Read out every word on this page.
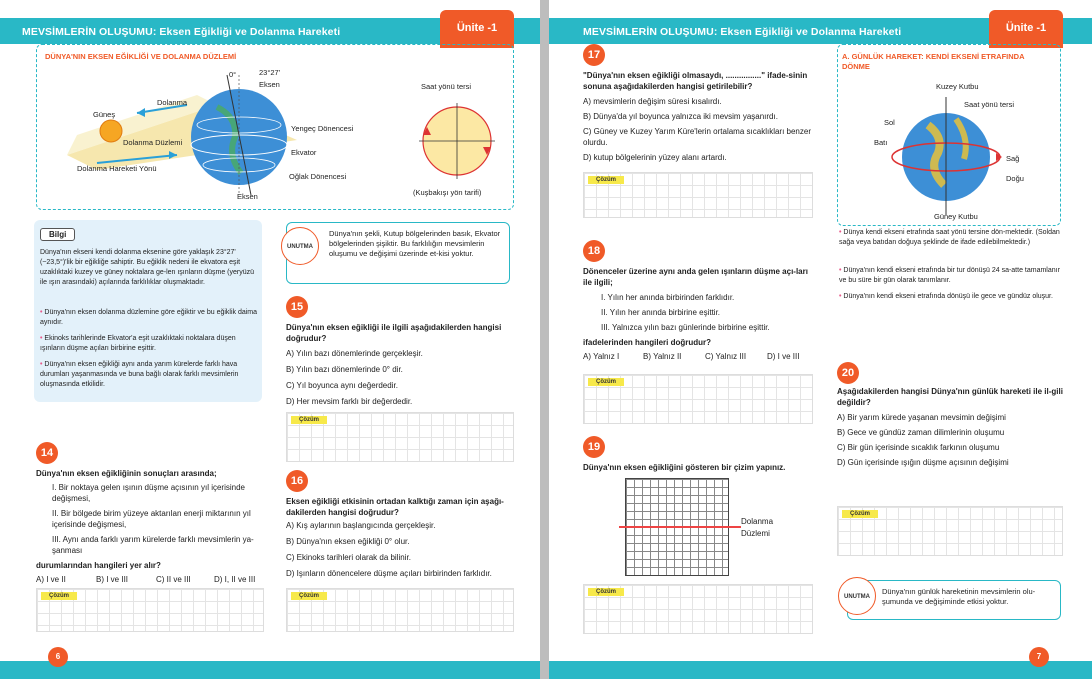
MEVSİMLERİN OLUŞUMU: Eksen Eğikliği ve Dolanma Hareketi	Ünite -1
DÜNYA'NIN EKSEN EĞİKLİĞİ VE DOLANMA DÜZLEMİ
0°	23°27'
Eksen
Dolanma
Güneş
Dolanma Düzlemi
Dolanma Hareketi Yönü
Yengeç Dönencesi
Ekvator
Oğlak Dönencesi
Eksen
Saat yönü tersi
(Kuşbakışı yön tarifi)
Bilgi
Dünya'nın ekseni kendi dolanma eksenine göre yaklaşık 23°27' (~23,5°)'lik bir eğikliğe sahiptir. Bu eğiklik nedeni ile ekvatora eşit uzaklıktaki kuzey ve güney noktalara ge-len ışınların düşme (yeryüzü ile ışın arasındaki) açılarında farklılıklar oluşmaktadır.
• Dünya'nın eksen dolanma düzlemine göre eğiktir ve bu eğiklik daima aynıdır.
• Ekinoks tarihlerinde Ekvator'a eşit uzaklıktaki noktalara düşen ışınların düşme açıları birbirine eşittir.
• Dünya'nın eksen eğikliği aynı anda yarım kürelerde farklı hava durumları yaşanmasında ve buna bağlı olarak farklı mevsimlerin oluşmasında etkilidir.
UNUTMA
Dünya'nın şekli, Kutup bölgelerinden basık, Ekvator bölgelerinden şişiktir. Bu farklılığın mevsimlerin oluşumu ve değişimi üzerinde et-kisi yoktur.
15
Dünya'nın eksen eğikliği ile ilgili aşağıdakilerden hangisi doğrudur?
A) Yılın bazı dönemlerinde gerçekleşir.
B) Yılın bazı dönemlerinde 0° dir.
C) Yıl boyunca aynı değerdedir.
D) Her mevsim farklı bir değerdedir.
Çözüm
14
Dünya'nın eksen eğikliğinin sonuçları arasında;
I. Bir noktaya gelen ışının düşme açısının yıl içerisinde değişmesi,
II. Bir bölgede birim yüzeye aktarılan enerji miktarının yıl içerisinde değişmesi,
III. Aynı anda farklı yarım kürelerde farklı mevsimlerin ya-şanması
durumlarından hangileri yer alır?
A) I ve II	B) I ve III	C) II ve III	D) I, II ve III
Çözüm
16
Eksen eğikliği etkisinin ortadan kalktığı zaman için aşağı-dakilerden hangisi doğrudur?
A) Kış aylarının başlangıcında gerçekleşir.
B) Dünya'nın eksen eğikliği 0° olur.
C) Ekinoks tarihleri olarak da bilinir.
D) Işınların dönencelere düşme açıları birbirinden farklıdır.
Çözüm
6
MEVSİMLERİN OLUŞUMU: Eksen Eğikliği ve Dolanma Hareketi	Ünite -1
17
"Dünya'nın eksen eğikliği olmasaydı, ................" ifade-sinin sonuna aşağıdakilerden hangisi getirilebilir?
A) mevsimlerin değişim süresi kısalırdı.
B) Dünya'da yıl boyunca yalnızca iki mevsim yaşanırdı.
C) Güney ve Kuzey Yarım Küre'lerin ortalama sıcaklıkları benzer olurdu.
D) kutup bölgelerinin yüzey alanı artardı.
Çözüm
18
Dönenceler üzerine aynı anda gelen ışınların düşme açı-ları ile ilgili;
I. Yılın her anında birbirinden farklıdır.
II. Yılın her anında birbirine eşittir.
III. Yalnızca yılın bazı günlerinde birbirine eşittir.
ifadelerinden hangileri doğrudur?
A) Yalnız I	B) Yalnız II	C) Yalnız III	D) I ve III
Çözüm
19
Dünya'nın eksen eğikliğini gösteren bir çizim yapınız.
Dolanma
Düzlemi
Çözüm
A. GÜNLÜK HAREKET: KENDİ EKSENİ ETRAFINDA
DÖNME
Kuzey Kutbu
Saat yönü tersi
Sol
Batı
Sağ
Doğu
Güney Kutbu
• Dünya kendi ekseni etrafında saat yönü tersine dön-mektedir. (Soldan sağa veya batıdan doğuya şeklinde de ifade edilebilmektedir.)
• Dünya'nın kendi ekseni etrafında bir tur dönüşü 24 sa-atte tamamlanır ve bu süre bir gün olarak tanımlanır.
• Dünya'nın kendi ekseni etrafında dönüşü ile gece ve gündüz oluşur.
20
Aşağıdakilerden hangisi Dünya'nın günlük hareketi ile il-gili değildir?
A) Bir yarım kürede yaşanan mevsimin değişimi
B) Gece ve gündüz zaman dilimlerinin oluşumu
C) Bir gün içerisinde sıcaklık farkının oluşumu
D) Gün içerisinde ışığın düşme açısının değişimi
Çözüm
UNUTMA
Dünya'nın günlük hareketinin mevsimlerin olu-şumunda ve değişiminde etkisi yoktur.
7
